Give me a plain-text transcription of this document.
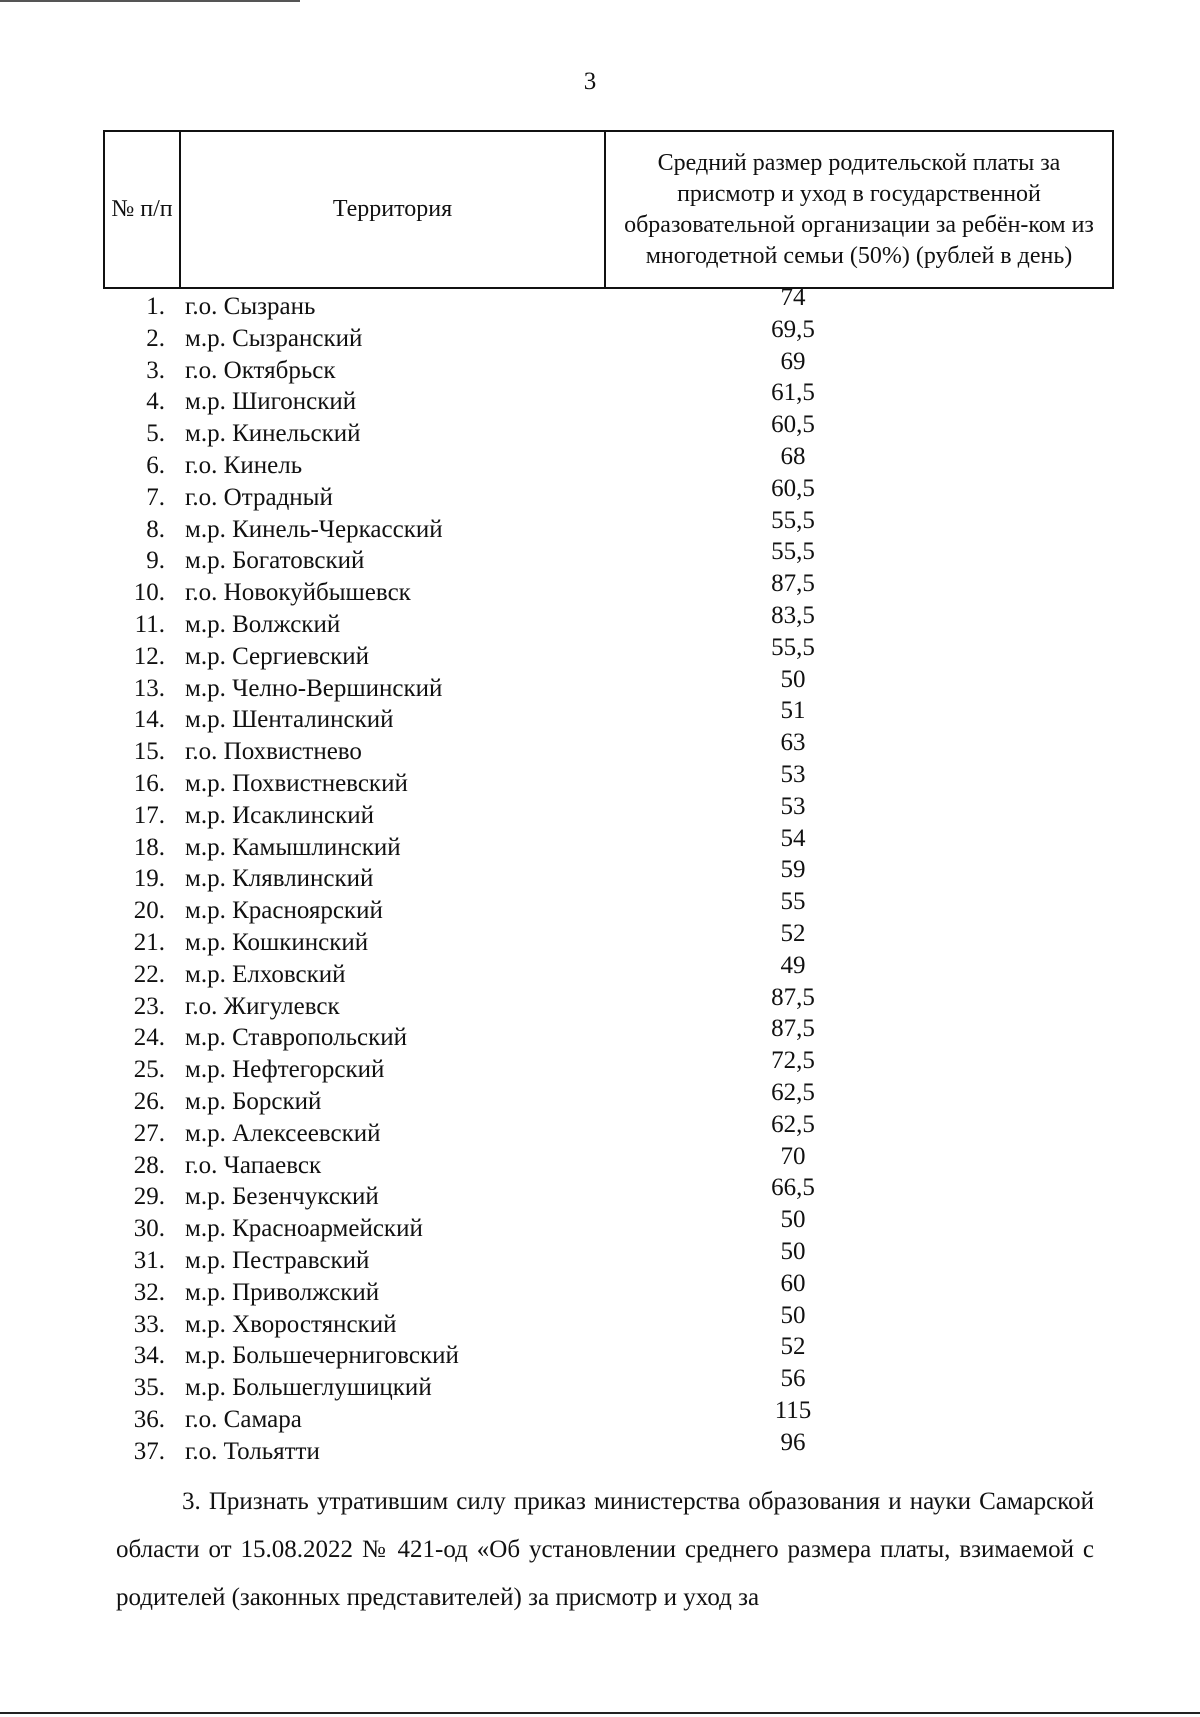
3
№ п/п	Территория	Средний размер родительской платы за присмотр и уход в государственной образовательной организации за ребён-ком из многодетной семьи (50%) (рублей в день)
1. г.о. Сызрань	74
2. м.р. Сызранский	69,5
3. г.о. Октябрьск	69
4. м.р. Шигонский	61,5
5. м.р. Кинельский	60,5
6. г.о. Кинель	68
7. г.о. Отрадный	60,5
8. м.р. Кинель-Черкасский	55,5
9. м.р. Богатовский	55,5
10. г.о. Новокуйбышевск	87,5
11. м.р. Волжский	83,5
12. м.р. Сергиевский	55,5
13. м.р. Челно-Вершинский	50
14. м.р. Шенталинский	51
15. г.о. Похвистнево	63
16. м.р. Похвистневский	53
17. м.р. Исаклинский	53
18. м.р. Камышлинский	54
19. м.р. Клявлинский	59
20. м.р. Красноярский	55
21. м.р. Кошкинский	52
22. м.р. Елховский	49
23. г.о. Жигулевск	87,5
24. м.р. Ставропольский	87,5
25. м.р. Нефтегорский	72,5
26. м.р. Борский	62,5
27. м.р. Алексеевский	62,5
28. г.о. Чапаевск	70
29. м.р. Безенчукский	66,5
30. м.р. Красноармейский	50
31. м.р. Пестравский	50
32. м.р. Приволжский	60
33. м.р. Хворостянский	50
34. м.р. Большечерниговский	52
35. м.р. Большеглушицкий	56
36. г.о. Самара	115
37. г.о. Тольятти	96
3. Признать утратившим силу приказ министерства образования и науки Самарской области от 15.08.2022 № 421-од «Об установлении среднего размера платы, взимаемой с родителей (законных представителей) за присмотр и уход за
